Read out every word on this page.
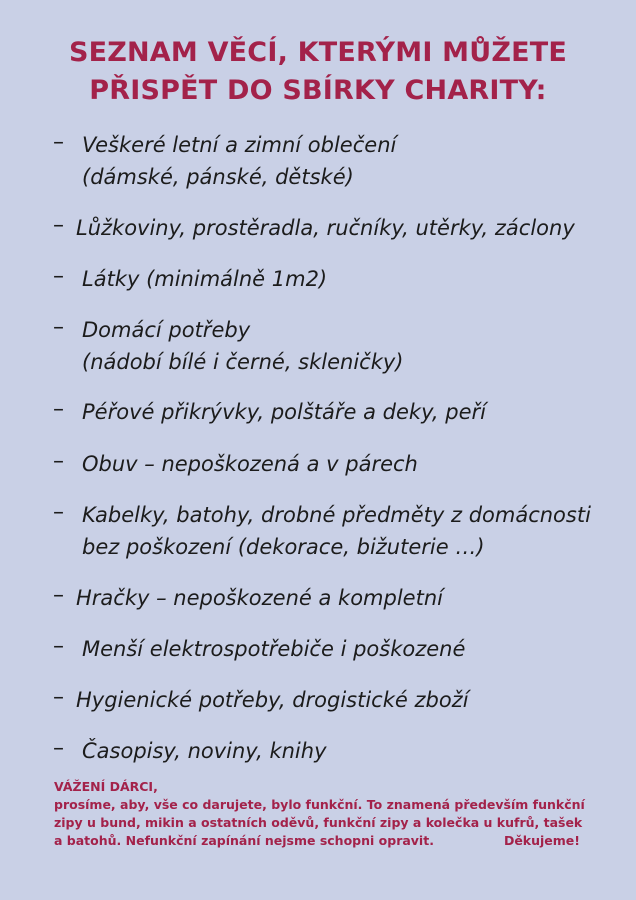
SEZNAM VĚCÍ, KTERÝMI MŮŽETE
PŘISPĚT DO SBÍRKY CHARITY:
– Veškeré letní a zimní oblečení
(dámské, pánské, dětské)
– Lůžkoviny, prostěradla, ručníky, utěrky, záclony
– Látky (minimálně 1m2)
– Domácí potřeby
(nádobí bílé i černé, skleničky)
– Péřové přikrývky, polštáře a deky, peří
– Obuv – nepoškozená a v párech
– Kabelky, batohy, drobné předměty z domácnosti
bez poškození (dekorace, bižuterie …)
– Hračky – nepoškozené a kompletní
– Menší elektrospotřebiče i poškozené
– Hygienické potřeby, drogistické zboží
– Časopisy, noviny, knihy
VÁŽENÍ DÁRCI,
prosíme, aby, vše co darujete, bylo funkční. To znamená především funkční
zipy u bund, mikin a ostatních oděvů, funkční zipy a kolečka u kufrů, tašek
a batohů. Nefunkční zapínání nejsme schopni opravit.	Děkujeme!
